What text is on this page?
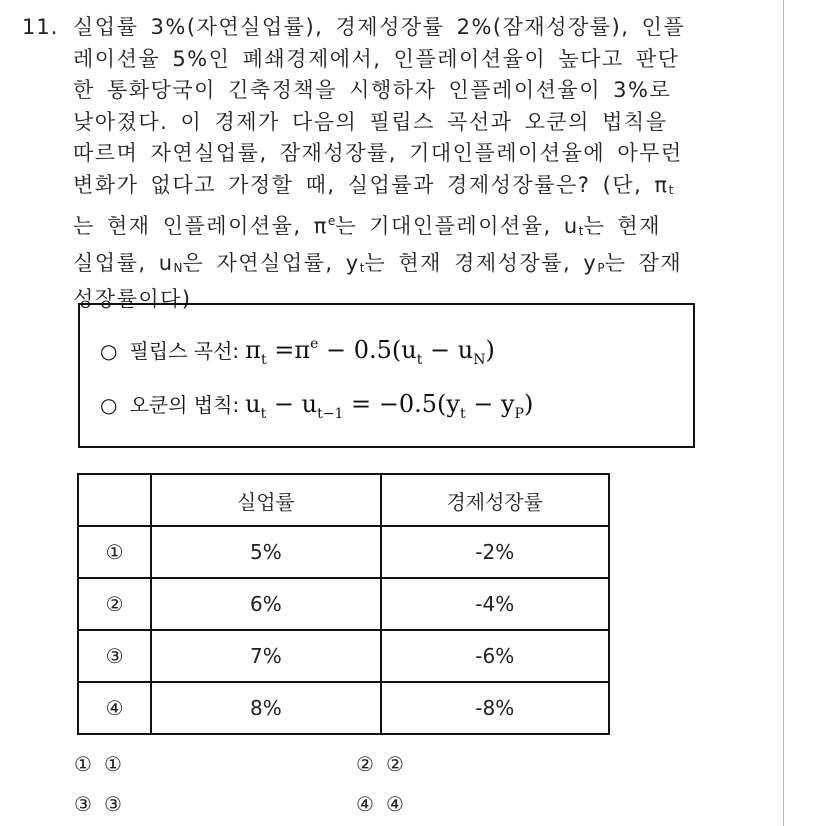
11. 실업률 3%(자연실업률), 경제성장률 2%(잠재성장률), 인플
레이션율 5%인 폐쇄경제에서, 인플레이션율이 높다고 판단
한 통화당국이 긴축정책을 시행하자 인플레이션율이 3%로
낮아졌다. 이 경제가 다음의 필립스 곡선과 오쿤의 법칙을
따르며 자연실업률, 잠재성장률, 기대인플레이션율에 아무런
변화가 없다고 가정할 때, 실업률과 경제성장률은? (단, $\pi_t$
는 현재 인플레이션율, $\pi^e$는 기대인플레이션율, $u_t$는 현재
실업률, $u_N$은 자연실업률, $y_t$는 현재 경제성장률, $y_P$는 잠재
성장률이다)
○ 필립스 곡선: $\pi_t =\pi^e - 0.5(u_t - u_N)$
○ 오쿤의 법칙: $u_t - u_{t-1} = -0.5(y_t - y_P)$
	실업률	경제성장률
①	5%	-2%
②	6%	-4%
③	7%	-6%
④	8%	-8%
① ①	② ②
③ ③	④ ④
